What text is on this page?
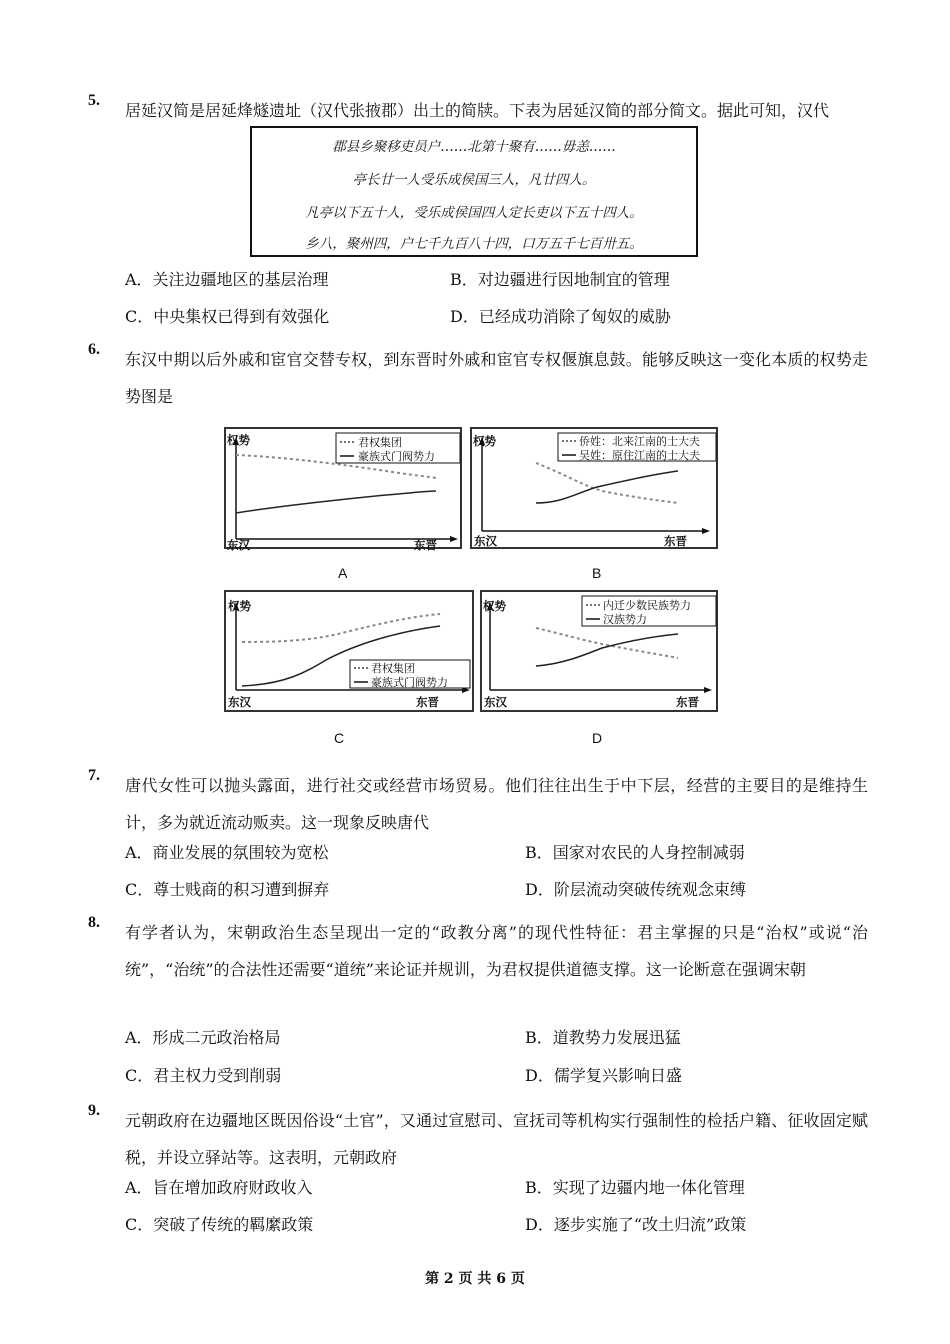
5.
居延汉简是居延烽燧遗址（汉代张掖郡）出土的简牍。下表为居延汉简的部分简文。据此可知，汉代
郡县乡聚移吏员户……北第十聚有……毋恙……
亭长廿一人受乐成侯国三人，凡廿四人。
凡亭以下五十人，受乐成侯国四人定长吏以下五十四人。
乡八，聚州四，户七千九百八十四，口万五千七百卅五。
A．关注边疆地区的基层治理	B．对边疆进行因地制宜的管理
C．中央集权已得到有效强化	D．已经成功消除了匈奴的威胁
6.
东汉中期以后外戚和宦官交替专权，到东晋时外戚和宦官专权偃旗息鼓。能够反映这一变化本质的权势走势图是
君权集团
豪族式门阀势力
权势
东汉	东晋
A
侨姓：北来江南的士大夫
吴姓：原住江南的士大夫
权势
东汉	东晋
B
君权集团
豪族式门阀势力
权势
东汉	东晋
C
内迁少数民族势力
汉族势力
权势
东汉	东晋
D
7.
唐代女性可以抛头露面，进行社交或经营市场贸易。他们往往出生于中下层，经营的主要目的是维持生计，多为就近流动贩卖。这一现象反映唐代
A．商业发展的氛围较为宽松	B．国家对农民的人身控制减弱
C．尊士贱商的积习遭到摒弃	D．阶层流动突破传统观念束缚
8.
有学者认为，宋朝政治生态呈现出一定的“政教分离”的现代性特征：君主掌握的只是“治权”或说“治统”，“治统”的合法性还需要“道统”来论证并规训，为君权提供道德支撑。这一论断意在强调宋朝
A．形成二元政治格局	B．道教势力发展迅猛
C．君主权力受到削弱	D．儒学复兴影响日盛
9.
元朝政府在边疆地区既因俗设“土官”，又通过宣慰司、宣抚司等机构实行强制性的检括户籍、征收固定赋税，并设立驿站等。这表明，元朝政府
A．旨在增加政府财政收入	B．实现了边疆内地一体化管理
C．突破了传统的羁縻政策	D．逐步实施了“改土归流”政策
第 2 页 共 6 页
